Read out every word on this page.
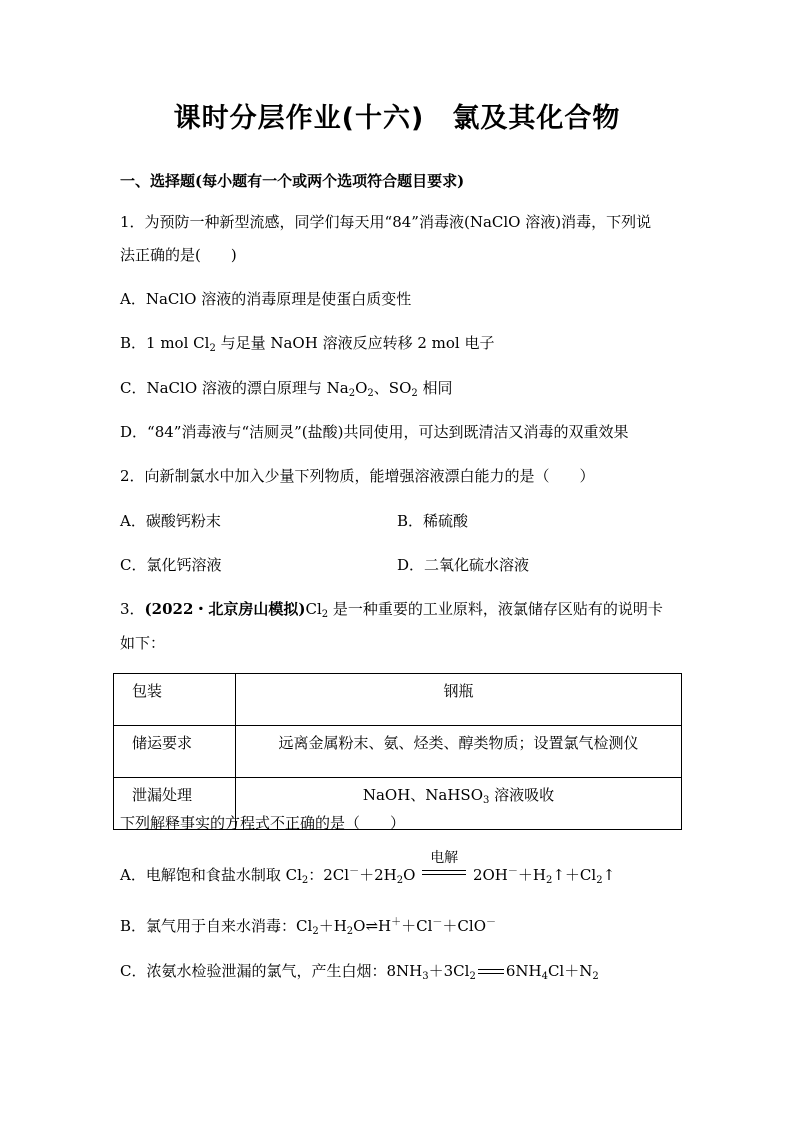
课时分层作业(十六)　氯及其化合物
一、选择题(每小题有一个或两个选项符合题目要求)
1．为预防一种新型流感，同学们每天用“84”消毒液(NaClO 溶液)消毒，下列说
法正确的是(　　)
A．NaClO 溶液的消毒原理是使蛋白质变性
B．1 mol $Cl_2$ 与足量 NaOH 溶液反应转移 2 mol 电子
C．NaClO 溶液的漂白原理与 $Na_2O_2$、$SO_2$ 相同
D．“84”消毒液与“洁厕灵”(盐酸)共同使用，可达到既清洁又消毒的双重效果
2．向新制氯水中加入少量下列物质，能增强溶液漂白能力的是（　　）
A．碳酸钙粉末	B．稀硫酸
C．氯化钙溶液	D．二氧化硫水溶液
3．(2022・北京房山模拟)$Cl_2$ 是一种重要的工业原料，液氯储存区贴有的说明卡
如下：
包装	钢瓶
储运要求	远离金属粉末、氨、烃类、醇类物质；设置氯气检测仪
泄漏处理	NaOH、NaHSO$_3$ 溶液吸收
下列解释事实的方程式不正确的是（　　）
A．电解饱和食盐水制取 $Cl_2$：$2Cl^-+2H_2O$
电解
$2OH^-+H_2↑+Cl_2↑$
B．氯气用于自来水消毒：$Cl_2+H_2O\rightleftharpoons H^++Cl^-+ClO^-$
C．浓氨水检验泄漏的氯气，产生白烟：$8NH_3+3Cl_2$ $6NH_4Cl+N_2$
